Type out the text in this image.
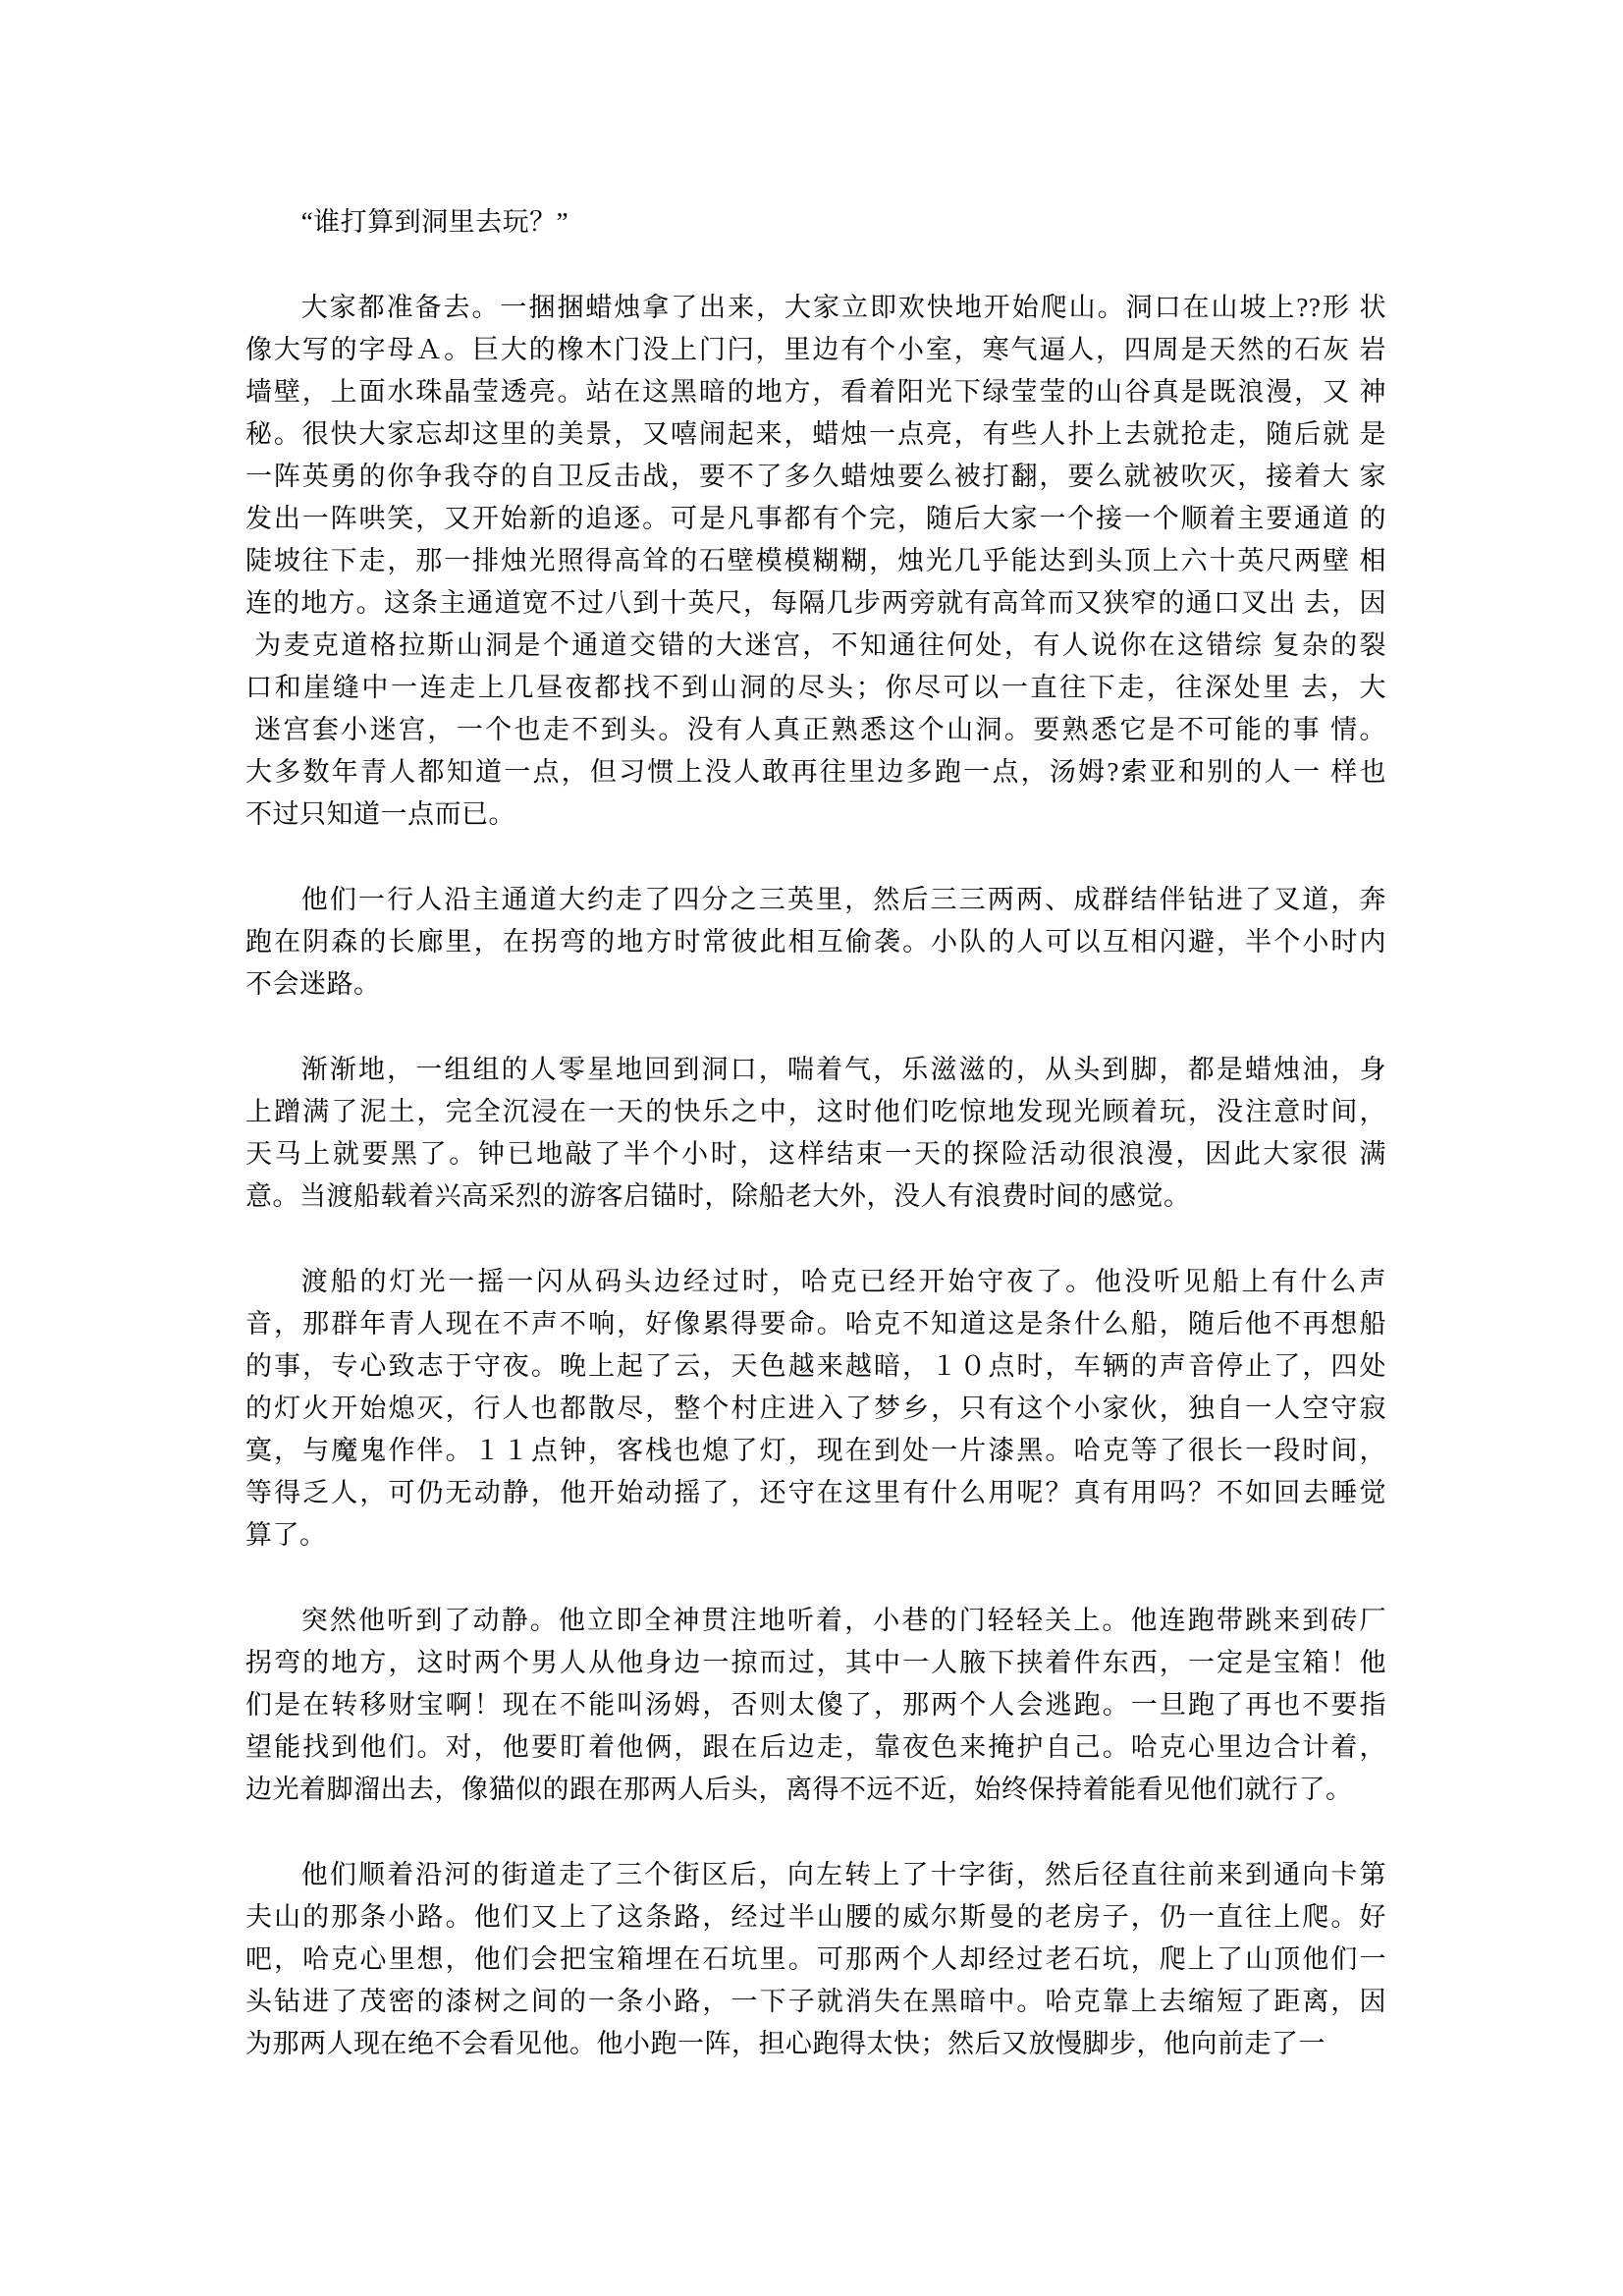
“谁打算到洞里去玩？”
大家都准备去。一捆捆蜡烛拿了出来，大家立即欢快地开始爬山。洞口在山坡上??形 状
像大写的字母Ａ。巨大的橡木门没上门闩，里边有个小室，寒气逼人，四周是天然的石灰 岩
墙壁，上面水珠晶莹透亮。站在这黑暗的地方，看着阳光下绿莹莹的山谷真是既浪漫，又 神
秘。很快大家忘却这里的美景，又嘻闹起来，蜡烛一点亮，有些人扑上去就抢走，随后就 是
一阵英勇的你争我夺的自卫反击战，要不了多久蜡烛要么被打翻，要么就被吹灭，接着大 家
发出一阵哄笑，又开始新的追逐。可是凡事都有个完，随后大家一个接一个顺着主要通道 的
陡坡往下走，那一排烛光照得高耸的石壁模模糊糊，烛光几乎能达到头顶上六十英尺两壁 相
连的地方。这条主通道宽不过八到十英尺，每隔几步两旁就有高耸而又狭窄的通口叉出 去，因
为麦克道格拉斯山洞是个通道交错的大迷宫，不知通往何处，有人说你在这错综 复杂的裂
口和崖缝中一连走上几昼夜都找不到山洞的尽头；你尽可以一直往下走，往深处里 去，大
迷宫套小迷宫，一个也走不到头。没有人真正熟悉这个山洞。要熟悉它是不可能的事 情。
大多数年青人都知道一点，但习惯上没人敢再往里边多跑一点，汤姆?索亚和别的人一 样也
不过只知道一点而已。
他们一行人沿主通道大约走了四分之三英里，然后三三两两、成群结伴钻进了叉道，奔
跑在阴森的长廊里，在拐弯的地方时常彼此相互偷袭。小队的人可以互相闪避，半个小时内
不会迷路。
渐渐地，一组组的人零星地回到洞口，喘着气，乐滋滋的，从头到脚，都是蜡烛油，身
上蹭满了泥土，完全沉浸在一天的快乐之中，这时他们吃惊地发现光顾着玩，没注意时间，
天马上就要黑了。钟已地敲了半个小时，这样结束一天的探险活动很浪漫，因此大家很 满
意。当渡船载着兴高采烈的游客启锚时，除船老大外，没人有浪费时间的感觉。
渡船的灯光一摇一闪从码头边经过时，哈克已经开始守夜了。他没听见船上有什么声
音，那群年青人现在不声不响，好像累得要命。哈克不知道这是条什么船，随后他不再想船
的事，专心致志于守夜。晚上起了云，天色越来越暗，１０点时，车辆的声音停止了，四处
的灯火开始熄灭，行人也都散尽，整个村庄进入了梦乡，只有这个小家伙，独自一人空守寂
寞，与魔鬼作伴。１１点钟，客栈也熄了灯，现在到处一片漆黑。哈克等了很长一段时间，
等得乏人，可仍无动静，他开始动摇了，还守在这里有什么用呢？真有用吗？不如回去睡觉
算了。
突然他听到了动静。他立即全神贯注地听着，小巷的门轻轻关上。他连跑带跳来到砖厂
拐弯的地方，这时两个男人从他身边一掠而过，其中一人腋下挟着件东西，一定是宝箱！他
们是在转移财宝啊！现在不能叫汤姆，否则太傻了，那两个人会逃跑。一旦跑了再也不要指
望能找到他们。对，他要盯着他俩，跟在后边走，靠夜色来掩护自己。哈克心里边合计着，
边光着脚溜出去，像猫似的跟在那两人后头，离得不远不近，始终保持着能看见他们就行了。
他们顺着沿河的街道走了三个街区后，向左转上了十字街，然后径直往前来到通向卡第
夫山的那条小路。他们又上了这条路，经过半山腰的威尔斯曼的老房子，仍一直往上爬。好
吧，哈克心里想，他们会把宝箱埋在石坑里。可那两个人却经过老石坑，爬上了山顶他们一
头钻进了茂密的漆树之间的一条小路，一下子就消失在黑暗中。哈克靠上去缩短了距离，因
为那两人现在绝不会看见他。他小跑一阵，担心跑得太快；然后又放慢脚步，他向前走了一
